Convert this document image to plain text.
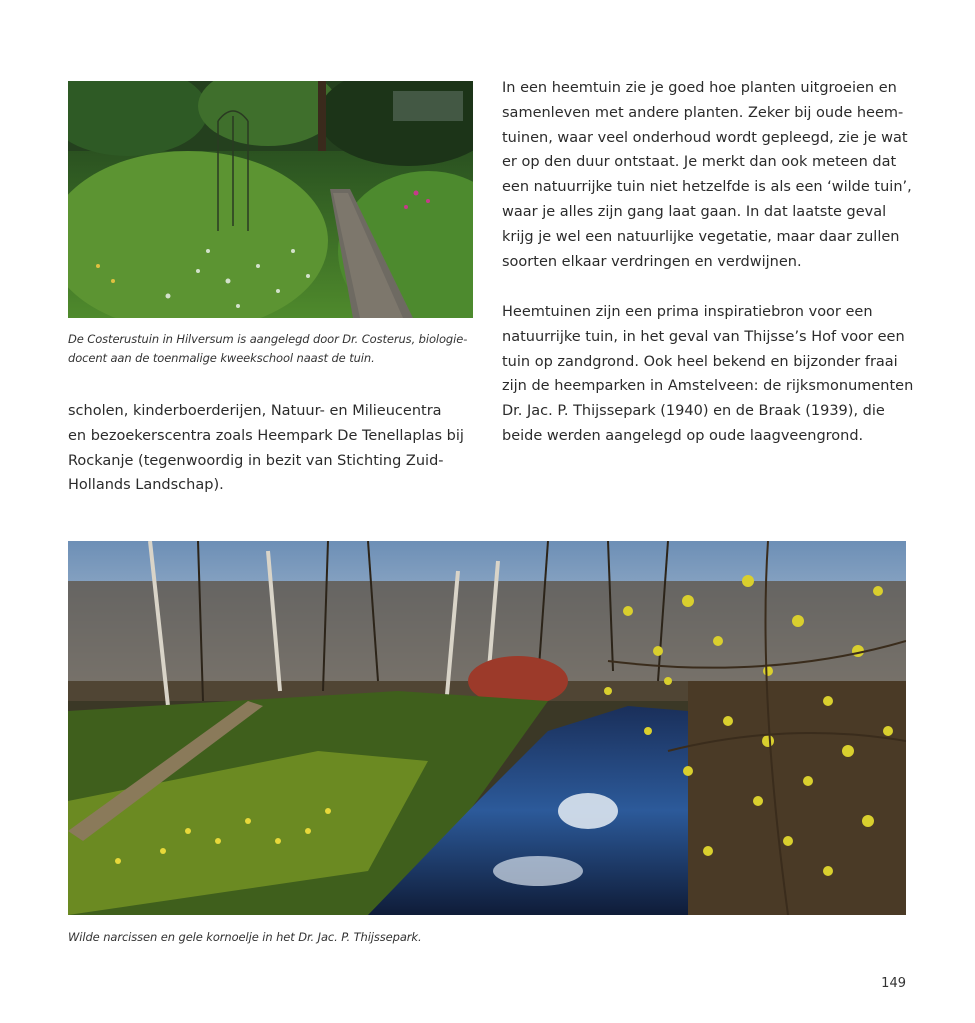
De Costerustuin in Hilversum is aangelegd door Dr. Costerus, biologie-
docent aan de toenmalige kweekschool naast de tuin.
scholen, kinderboerderijen, Natuur- en Milieucentra
en bezoekerscentra zoals Heempark De Tenellaplas bij
Rockanje (tegenwoordig in bezit van Stichting Zuid-
Hollands Landschap).
In een heemtuin zie je goed hoe planten uitgroeien en
samenleven met andere planten. Zeker bij oude heem-
tuinen, waar veel onderhoud wordt gepleegd, zie je wat
er op den duur ontstaat. Je merkt dan ook meteen dat
een natuurrijke tuin niet hetzelfde is als een ‘wilde tuin’,
waar je alles zijn gang laat gaan. In dat laatste geval
krijg je wel een natuurlijke vegetatie, maar daar zullen
soorten elkaar verdringen en verdwijnen.
Heemtuinen zijn een prima inspiratiebron voor een
natuurrijke tuin, in het geval van Thijsse’s Hof voor een
tuin op zandgrond. Ook heel bekend en bijzonder fraai
zijn de heemparken in Amstelveen: de rijksmonumenten
Dr. Jac. P. Thijssepark (1940) en de Braak (1939), die
beide werden aangelegd op oude laagveengrond.
Wilde narcissen en gele kornoelje in het Dr. Jac. P. Thijssepark.
149
